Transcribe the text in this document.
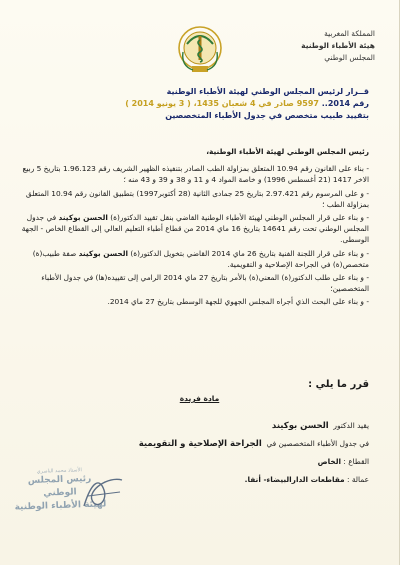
المملكة المغربية
هيئة الأطباء الوطنية
المجلس الوطني
قــرار لرئيس المجلس الوطني لهيئة الأطباء الوطنية
رقم 2014.. 9597 صادر في 4 شعبان 1435، ( 3 يونيو 2014 )
بتقييد طبيب متخصص في جدول الأطباء المتخصصين
رئيس المجلس الوطني لهيئة الأطباء الوطنية،

- بناء على القانون رقم 10.94 المتعلق بمزاولة الطب الصادر بتنفيذه الظهير الشريف رقم 1.96.123 بتاريخ 5 ربيع الاخر 1417 (21 أغسطس 1996) و خاصة المواد 4 و 11 و 38 و 39 و 43 منه ؛

- و على المرسوم رقم 2.97.421 بتاريخ 25 جمادى الثانية (28 أكتوبر1997) بتطبيق القانون رقم 10.94 المتعلق بمزاولة الطب ؛

- و بناء على قرار المجلس الوطني لهيئة الأطباء الوطنية القاضي بنقل تقييد الدكتور(ة) الحسن بوكيند في جدول المجلس الوطني تحت رقم 14641 بتاريخ 16 ماي 2014 من قطاع أطباء التعليم العالي إلى القطاع الخاص - الجهة الوسطى.

- و بناء على قرار اللجنة الفنية بتاريخ 26 ماي 2014 القاضي بتخويل الدكتور(ة) الحسن بوكيند صفة طبيب(ة) متخصص(ة) في الجراحة الإصلاحية و التقويمية.

- و بناء على طلب الدكتور(ة) المعني(ة) بالأمر بتاريخ 27 ماي 2014 الرامي إلى تقييده(ها) في جدول الأطباء المتخصصين؛

- و بناء على البحث الذي أجراه المجلس الجهوي للجهة الوسطى بتاريخ 27 ماي 2014.

قرر ما يلي :
مادة فريدة
يقيد الدكتور  الحسن بوكيند
في جدول الأطباء المتخصصين في  الجراحة الإصلاحية و التقويمية
القطاع : الخاص
عمالة : مقاطعات الدارالبيضاء- أنفا.
الأستاذ محمد الناصري
رئيس المجلس
الوطني
لهيئة الأطباء الوطنية
